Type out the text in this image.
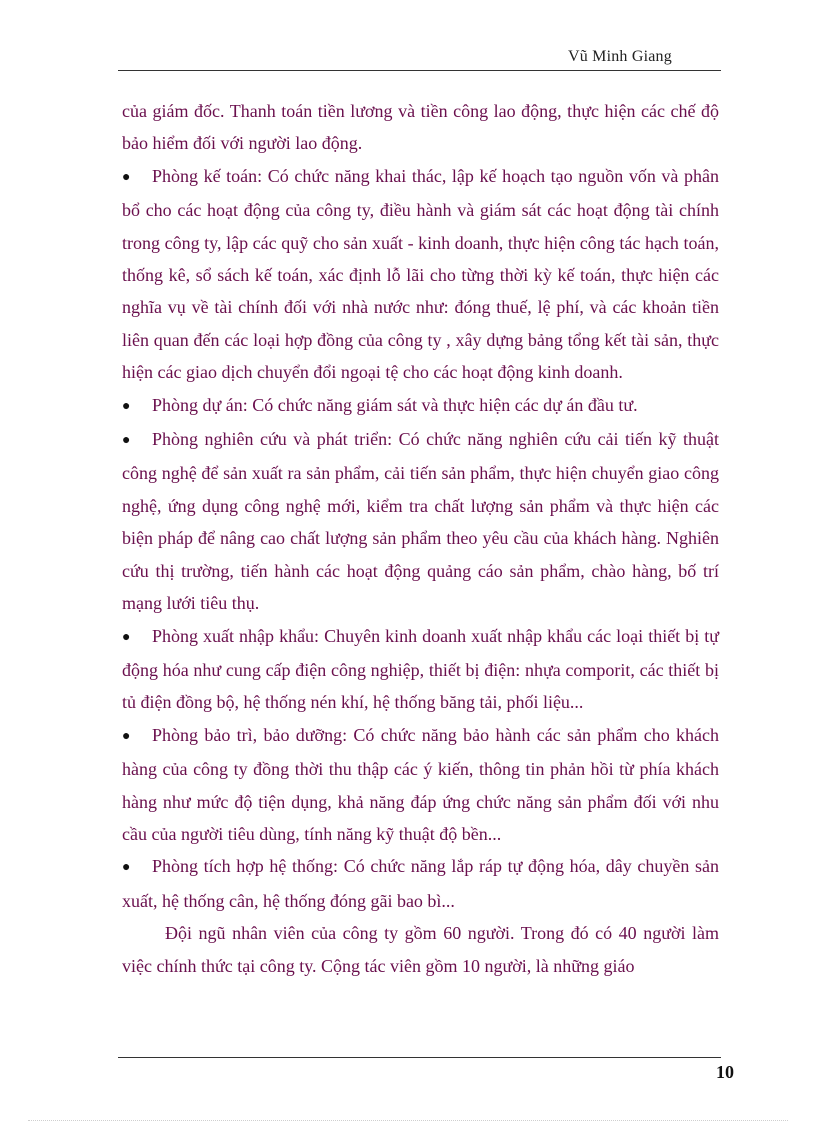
Vũ Minh Giang

của giám đốc. Thanh toán tiền lương và tiền công lao động, thực hiện các chế độ bảo hiểm đối với người lao động.

● Phòng kế toán: Có chức năng khai thác, lập kế hoạch tạo nguồn vốn và phân bổ cho các hoạt động của công ty, điều hành và giám sát các hoạt động tài chính trong công ty, lập các quỹ cho sản xuất - kinh doanh, thực hiện công tác hạch toán, thống kê, sổ sách kế toán, xác định lỗ lãi cho từng thời kỳ kế toán, thực hiện các nghĩa vụ về tài chính đối với nhà nước như: đóng thuế, lệ phí, và các khoản tiền liên quan đến các loại hợp đồng của công ty , xây dựng bảng tổng kết tài sản, thực hiện các giao dịch chuyển đổi ngoại tệ cho các hoạt động kinh doanh.

● Phòng dự án: Có chức năng giám sát và thực hiện các dự án đầu tư.

● Phòng nghiên cứu và phát triển: Có chức năng nghiên cứu cải tiến kỹ thuật công nghệ để sản xuất ra sản phẩm, cải tiến sản phẩm, thực hiện chuyển giao công nghệ, ứng dụng công nghệ mới, kiểm tra chất lượng sản phẩm và thực hiện các biện pháp để nâng cao chất lượng sản phẩm theo yêu cầu của khách hàng. Nghiên cứu thị trường, tiến hành các hoạt động quảng cáo sản phẩm, chào hàng, bố trí mạng lưới tiêu thụ.

● Phòng xuất nhập khẩu: Chuyên kinh doanh xuất nhập khẩu các loại thiết bị tự động hóa như cung cấp điện công nghiệp, thiết bị điện: nhựa comporit, các thiết bị tủ điện đồng bộ, hệ thống nén khí, hệ thống băng tải, phối liệu...

● Phòng bảo trì, bảo dưỡng: Có chức năng bảo hành các sản phẩm cho khách hàng của công ty đồng thời thu thập các ý kiến, thông tin phản hồi từ phía khách hàng như mức độ tiện dụng, khả năng đáp ứng chức năng sản phẩm đối với nhu cầu của người tiêu dùng, tính năng kỹ thuật độ bền...

● Phòng tích hợp hệ thống: Có chức năng lắp ráp tự động hóa, dây chuyền sản xuất, hệ thống cân, hệ thống đóng gãi bao bì...

Đội ngũ nhân viên của công ty gồm 60 người. Trong đó có 40 người làm việc chính thức tại công ty. Cộng tác viên gồm 10 người, là những giáo

10
